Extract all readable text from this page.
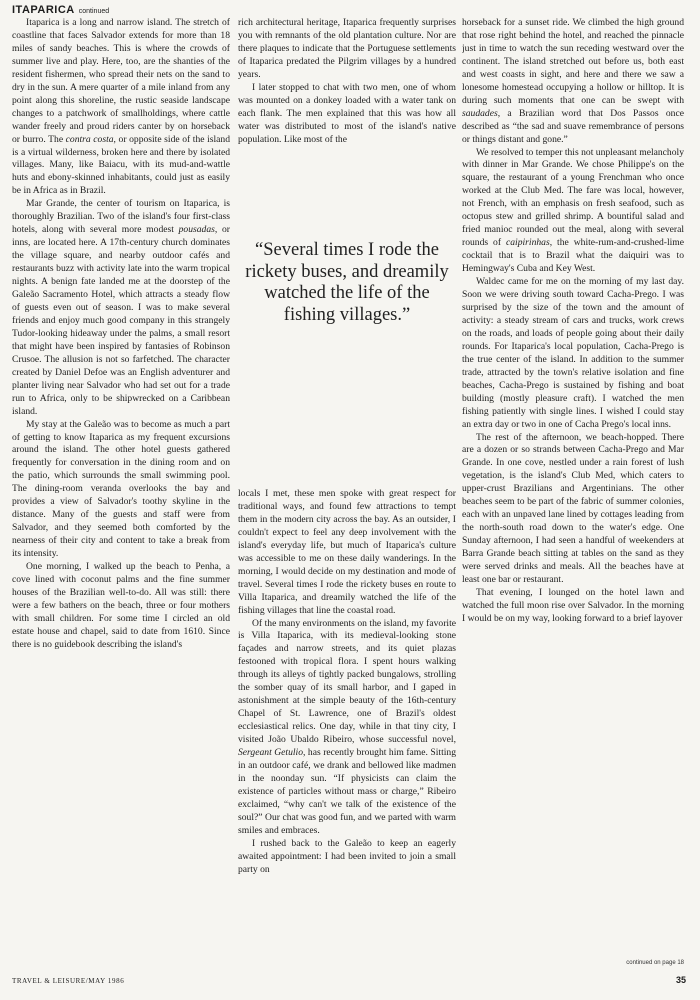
ITAPARICA continued

Itaparica is a long and narrow island. The stretch of coastline that faces Salvador extends for more than 18 miles of sandy beaches. This is where the crowds of summer live and play. Here, too, are the shanties of the resident fishermen, who spread their nets on the sand to dry in the sun. A mere quarter of a mile inland from any point along this shoreline, the rustic seaside landscape changes to a patchwork of smallholdings, where cattle wander freely and proud riders canter by on horseback or burro. The contra costa, or opposite side of the island is a virtual wilderness, broken here and there by isolated villages. Many, like Baiacu, with its mud-and-wattle huts and ebony-skinned inhabitants, could just as easily be in Africa as in Brazil.

Mar Grande, the center of tourism on Itaparica, is thoroughly Brazilian. Two of the island's four first-class hotels, along with several more modest pousadas, or inns, are located here. A 17th-century church dominates the village square, and nearby outdoor cafés and restaurants buzz with activity late into the warm tropical nights. A benign fate landed me at the doorstep of the Galeão Sacramento Hotel, which attracts a steady flow of guests even out of season. I was to make several friends and enjoy much good company in this strangely Tudor-looking hideaway under the palms, a small resort that might have been inspired by fantasies of Robinson Crusoe. The allusion is not so farfetched. The character created by Daniel Defoe was an English adventurer and planter living near Salvador who had set out for a trade run to Africa, only to be shipwrecked on a Caribbean island.

My stay at the Galeão was to become as much a part of getting to know Itaparica as my frequent excursions around the island. The other hotel guests gathered frequently for conversation in the dining room and on the patio, which surrounds the small swimming pool. The dining-room veranda overlooks the bay and provides a view of Salvador's toothy skyline in the distance. Many of the guests and staff were from Salvador, and they seemed both comforted by the nearness of their city and content to take a break from its intensity.

One morning, I walked up the beach to Penha, a cove lined with coconut palms and the fine summer houses of the Brazilian well-to-do. All was still: there were a few bathers on the beach, three or four mothers with small children. For some time I circled an old estate house and chapel, said to date from 1610. Since there is no guidebook describing the island's

rich architectural heritage, Itaparica frequently surprises you with remnants of the old plantation culture. Nor are there plaques to indicate that the Portuguese settlements of Itaparica predated the Pilgrim villages by a hundred years.

I later stopped to chat with two men, one of whom was mounted on a donkey loaded with a water tank on each flank. The men explained that this was how all water was distributed to most of the island's native population. Like most of the

“Several times I rode the rickety buses, and dreamily watched the life of the fishing villages.”

locals I met, these men spoke with great respect for traditional ways, and found few attractions to tempt them in the modern city across the bay. As an outsider, I couldn't expect to feel any deep involvement with the island's everyday life, but much of Itaparica's culture was accessible to me on these daily wanderings. In the morning, I would decide on my destination and mode of travel. Several times I rode the rickety buses en route to Villa Itaparica, and dreamily watched the life of the fishing villages that line the coastal road.

Of the many environments on the island, my favorite is Villa Itaparica, with its medieval-looking stone façades and narrow streets, and its quiet plazas festooned with tropical flora. I spent hours walking through its alleys of tightly packed bungalows, strolling the somber quay of its small harbor, and I gaped in astonishment at the simple beauty of the 16th-century Chapel of St. Lawrence, one of Brazil's oldest ecclesiastical relics. One day, while in that tiny city, I visited João Ubaldo Ribeiro, whose successful novel, Sergeant Getulio, has recently brought him fame. Sitting in an outdoor café, we drank and bellowed like madmen in the noonday sun. “If physicists can claim the existence of particles without mass or charge,” Ribeiro exclaimed, “why can't we talk of the existence of the soul?” Our chat was good fun, and we parted with warm smiles and embraces.

I rushed back to the Galeão to keep an eagerly awaited appointment: I had been invited to join a small party on

horseback for a sunset ride. We climbed the high ground that rose right behind the hotel, and reached the pinnacle just in time to watch the sun receding westward over the continent. The island stretched out before us, both east and west coasts in sight, and here and there we saw a lonesome homestead occupying a hollow or hilltop. It is during such moments that one can be swept with saudades, a Brazilian word that Dos Passos once described as “the sad and suave remembrance of persons or things distant and gone.”

We resolved to temper this not unpleasant melancholy with dinner in Mar Grande. We chose Philippe's on the square, the restaurant of a young Frenchman who once worked at the Club Med. The fare was local, however, not French, with an emphasis on fresh seafood, such as octopus stew and grilled shrimp. A bountiful salad and fried manioc rounded out the meal, along with several rounds of caipirinhas, the white-rum-and-crushed-lime cocktail that is to Brazil what the daiquiri was to Hemingway's Cuba and Key West.

Waldec came for me on the morning of my last day. Soon we were driving south toward Cacha-Prego. I was surprised by the size of the town and the amount of activity: a steady stream of cars and trucks, work crews on the roads, and loads of people going about their daily rounds. For Itaparica's local population, Cacha-Prego is the true center of the island. In addition to the summer trade, attracted by the town's relative isolation and fine beaches, Cacha-Prego is sustained by fishing and boat building (mostly pleasure craft). I watched the men fishing patiently with single lines. I wished I could stay an extra day or two in one of Cacha Prego's local inns.

The rest of the afternoon, we beach-hopped. There are a dozen or so strands between Cacha-Prego and Mar Grande. In one cove, nestled under a rain forest of lush vegetation, is the island's Club Med, which caters to upper-crust Brazilians and Argentinians. The other beaches seem to be part of the fabric of summer colonies, each with an unpaved lane lined by cottages leading from the north-south road down to the water's edge. One Sunday afternoon, I had seen a handful of weekenders at Barra Grande beach sitting at tables on the sand as they were served drinks and meals. All the beaches have at least one bar or restaurant.

That evening, I lounged on the hotel lawn and watched the full moon rise over Salvador. In the morning I would be on my way, looking forward to a brief layover

continued on page 18
TRAVEL & LEISURE/MAY 1986	35
